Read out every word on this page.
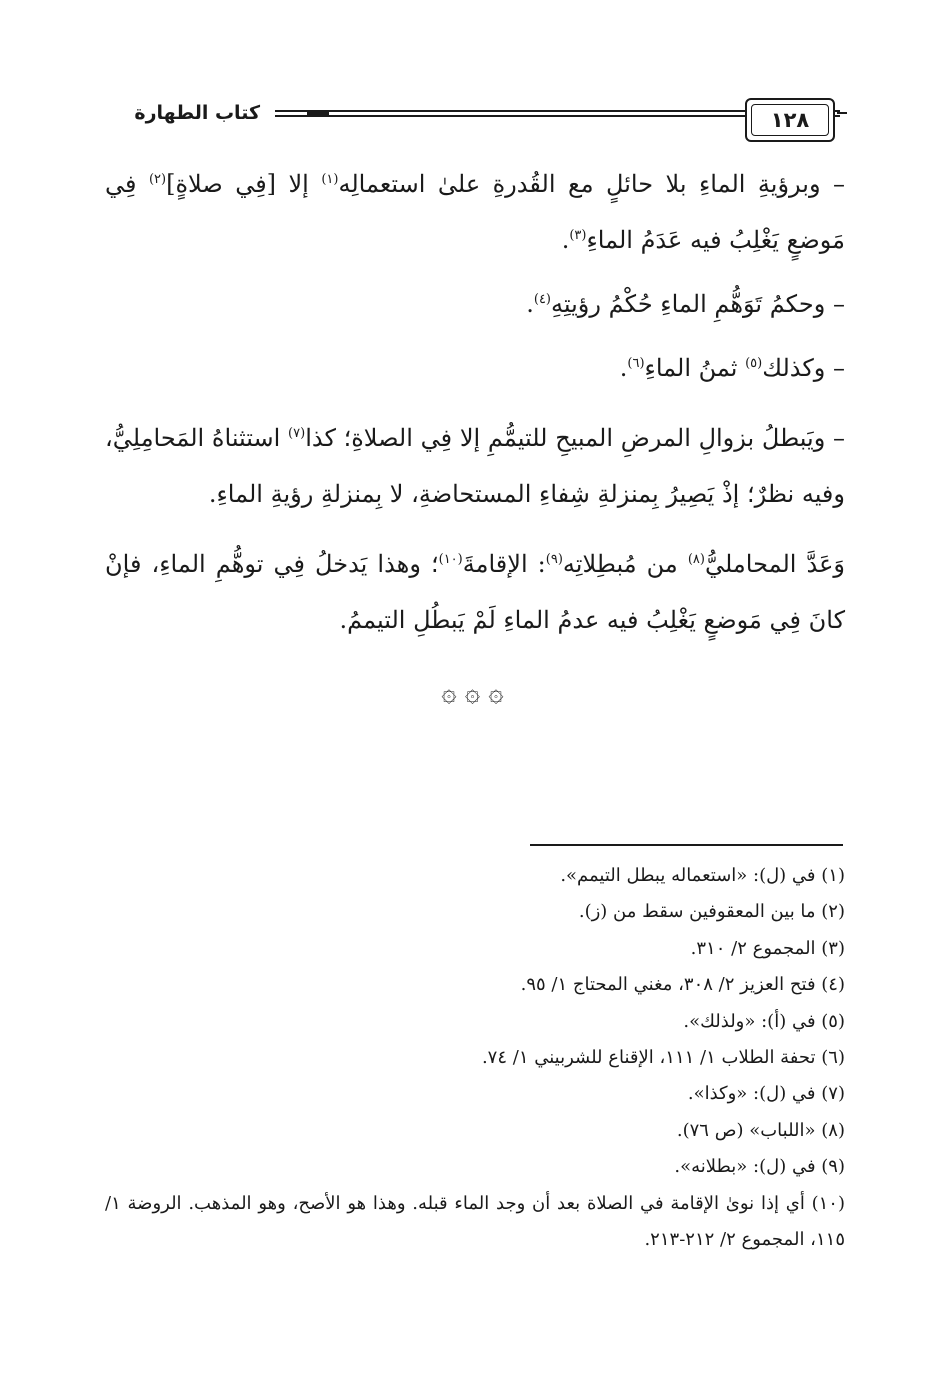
كتاب الطهارة	١٢٨

– وبرؤيةِ الماءِ بلا حائلٍ مع القُدرةِ علىٰ استعمالِه$^{(١)}$ إلا [فِي صلاةٍ]$^{(٢)}$ فِي مَوضعٍ يَغْلِبُ فيه عَدَمُ الماءِ$^{(٣)}$.

– وحكمُ تَوَهُّمِ الماءِ حُكْمُ رؤيتِهِ$^{(٤)}$.

– وكذلك$^{(٥)}$ ثمنُ الماءِ$^{(٦)}$.

– ويَبطلُ بزوالِ المرضِ المبيحِ للتيمُّمِ إلا فِي الصلاةِ؛ كذا$^{(٧)}$ استثناهُ المَحامِلِيُّ، وفيه نظرٌ؛ إذْ يَصِيرُ بِمنزلةِ شِفاءِ المستحاضةِ، لا بِمنزلةِ رؤيةِ الماءِ.

وَعَدَّ المحامليُّ$^{(٨)}$ من مُبطِلاتِه$^{(٩)}$: الإقامةَ$^{(١٠)}$؛ وهذا يَدخلُ فِي توهُّمِ الماءِ، فإنْ كانَ فِي مَوضعٍ يَغْلِبُ فيه عدمُ الماءِ لَمْ يَبطُلِ التيممُ.

۞ ۞ ۞
(١) في (ل): «استعماله يبطل التيمم».
(٢) ما بين المعقوفين سقط من (ز).
(٣) المجموع ٢/ ٣١٠.
(٤) فتح العزيز ٢/ ٣٠٨، مغني المحتاج ١/ ٩٥.
(٥) في (أ): «ولذلك».
(٦) تحفة الطلاب ١/ ١١١، الإقناع للشربيني ١/ ٧٤.
(٧) في (ل): «وكذا».
(٨) «اللباب» (ص ٧٦).
(٩) في (ل): «بطلانه».
(١٠) أي إذا نوىٰ الإقامة في الصلاة بعد أن وجد الماء قبله. وهذا هو الأصح، وهو المذهب. الروضة ١/ ١١٥، المجموع ٢/ ٢١٢-٢١٣.
